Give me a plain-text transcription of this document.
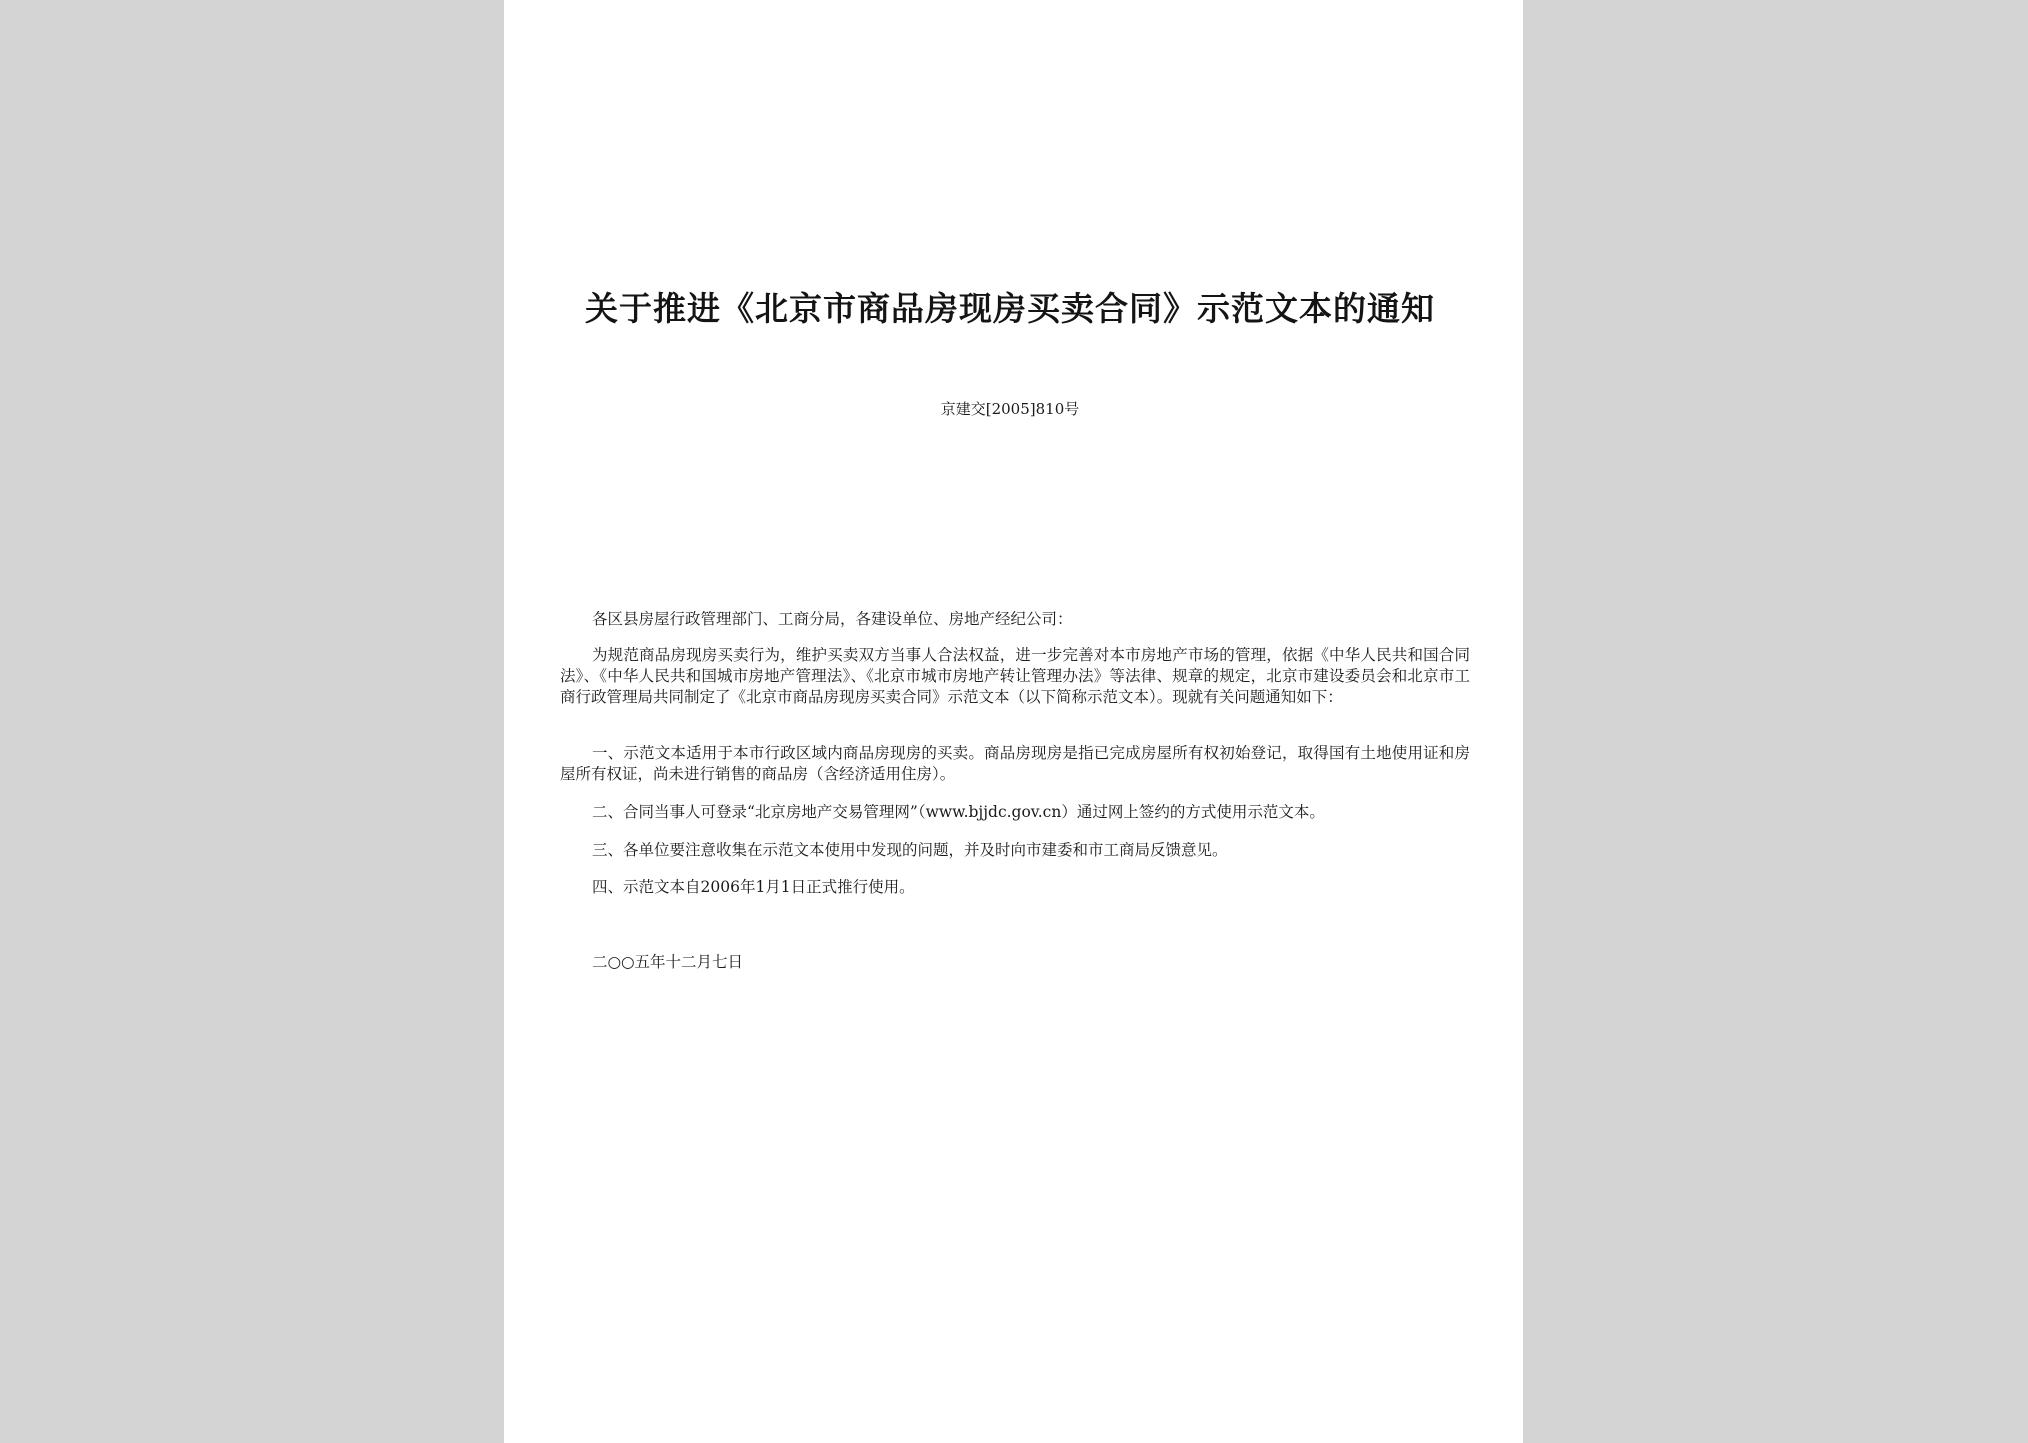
关于推进《北京市商品房现房买卖合同》示范文本的通知
京建交[2005]810号
各区县房屋行政管理部门、工商分局，各建设单位、房地产经纪公司：
为规范商品房现房买卖行为，维护买卖双方当事人合法权益，进一步完善对本市房地产市场的管理，依据《中华人民共和国合同法》、《中华人民共和国城市房地产管理法》、《北京市城市房地产转让管理办法》等法律、规章的规定，北京市建设委员会和北京市工商行政管理局共同制定了《北京市商品房现房买卖合同》示范文本（以下简称示范文本）。现就有关问题通知如下：
一、示范文本适用于本市行政区域内商品房现房的买卖。商品房现房是指已完成房屋所有权初始登记，取得国有土地使用证和房屋所有权证，尚未进行销售的商品房（含经济适用住房）。
二、合同当事人可登录“北京房地产交易管理网”（www.bjjdc.gov.cn）通过网上签约的方式使用示范文本。
三、各单位要注意收集在示范文本使用中发现的问题，并及时向市建委和市工商局反馈意见。
四、示范文本自2006年1月1日正式推行使用。
二○○五年十二月七日
